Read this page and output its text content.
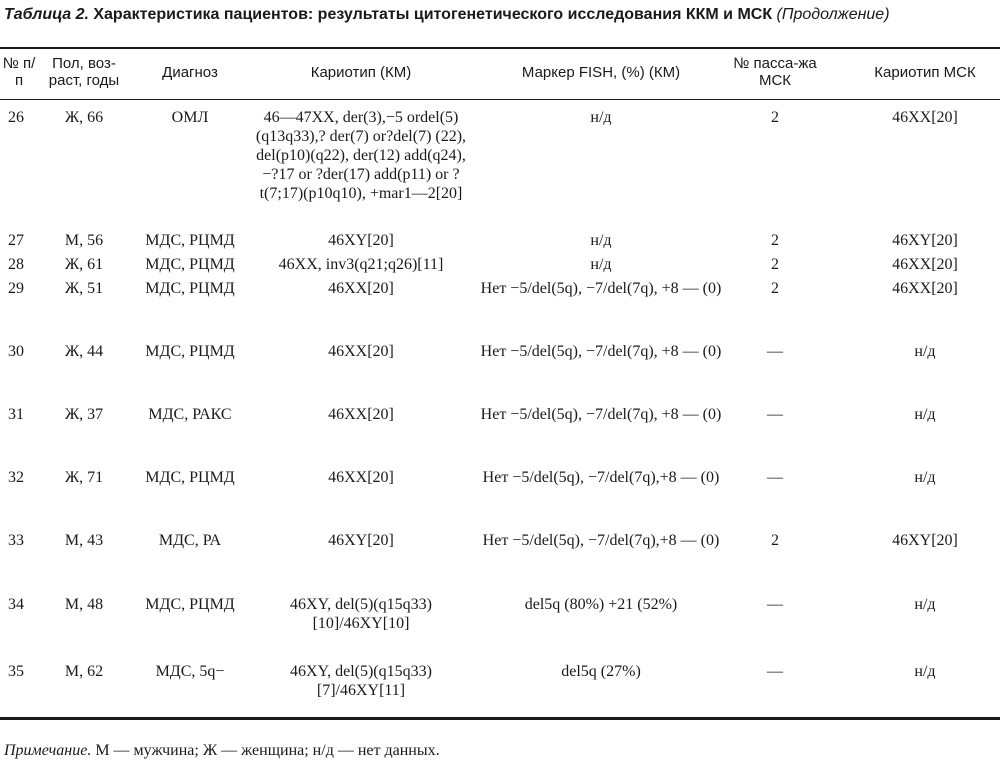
Таблица 2. Характеристика пациентов: результаты цитогенетического исследования ККМ и МСК (Продолжение)
№ п/п	Пол, воз-раст, годы	Диагноз	Кариотип (КМ)	Маркер FISH, (%) (КМ)	№ пасса-жа МСК	Кариотип МСК
26	Ж, 66	ОМЛ	46—47ХХ, der(3),−5 ordel(5) (q13q33),? der(7) or?del(7) (22), del(p10)(q22), der(12) add(q24), −?17 or ?der(17) add(p11) or ?t(7;17)(p10q10), +mar1—2[20]	н/д	2	46ХХ[20]
27	М, 56	МДС, РЦМД	46ХY[20]	н/д	2	46ХY[20]
28	Ж, 61	МДС, РЦМД	46ХХ, inv3(q21;q26)[11]	н/д	2	46ХХ[20]
29	Ж, 51	МДС, РЦМД	46ХХ[20]	Нет −5/del(5q), −7/del(7q), +8 — (0)	2	46ХХ[20]
30	Ж, 44	МДС, РЦМД	46ХХ[20]	Нет −5/del(5q), −7/del(7q), +8 — (0)	—	н/д
31	Ж, 37	МДС, РАКС	46ХХ[20]	Нет −5/del(5q), −7/del(7q), +8 — (0)	—	н/д
32	Ж, 71	МДС, РЦМД	46ХХ[20]	Нет −5/del(5q), −7/del(7q),+8 — (0)	—	н/д
33	М, 43	МДС, РА	46ХY[20]	Нет −5/del(5q), −7/del(7q),+8 — (0)	2	46ХY[20]
34	М, 48	МДС, РЦМД	46ХY, del(5)(q15q33) [10]/46ХY[10]	del5q (80%) +21 (52%)	—	н/д
35	М, 62	МДС, 5q−	46ХY, del(5)(q15q33) [7]/46ХY[11]	del5q (27%)	—	н/д
Примечание. М — мужчина; Ж — женщина; н/д — нет данных.
